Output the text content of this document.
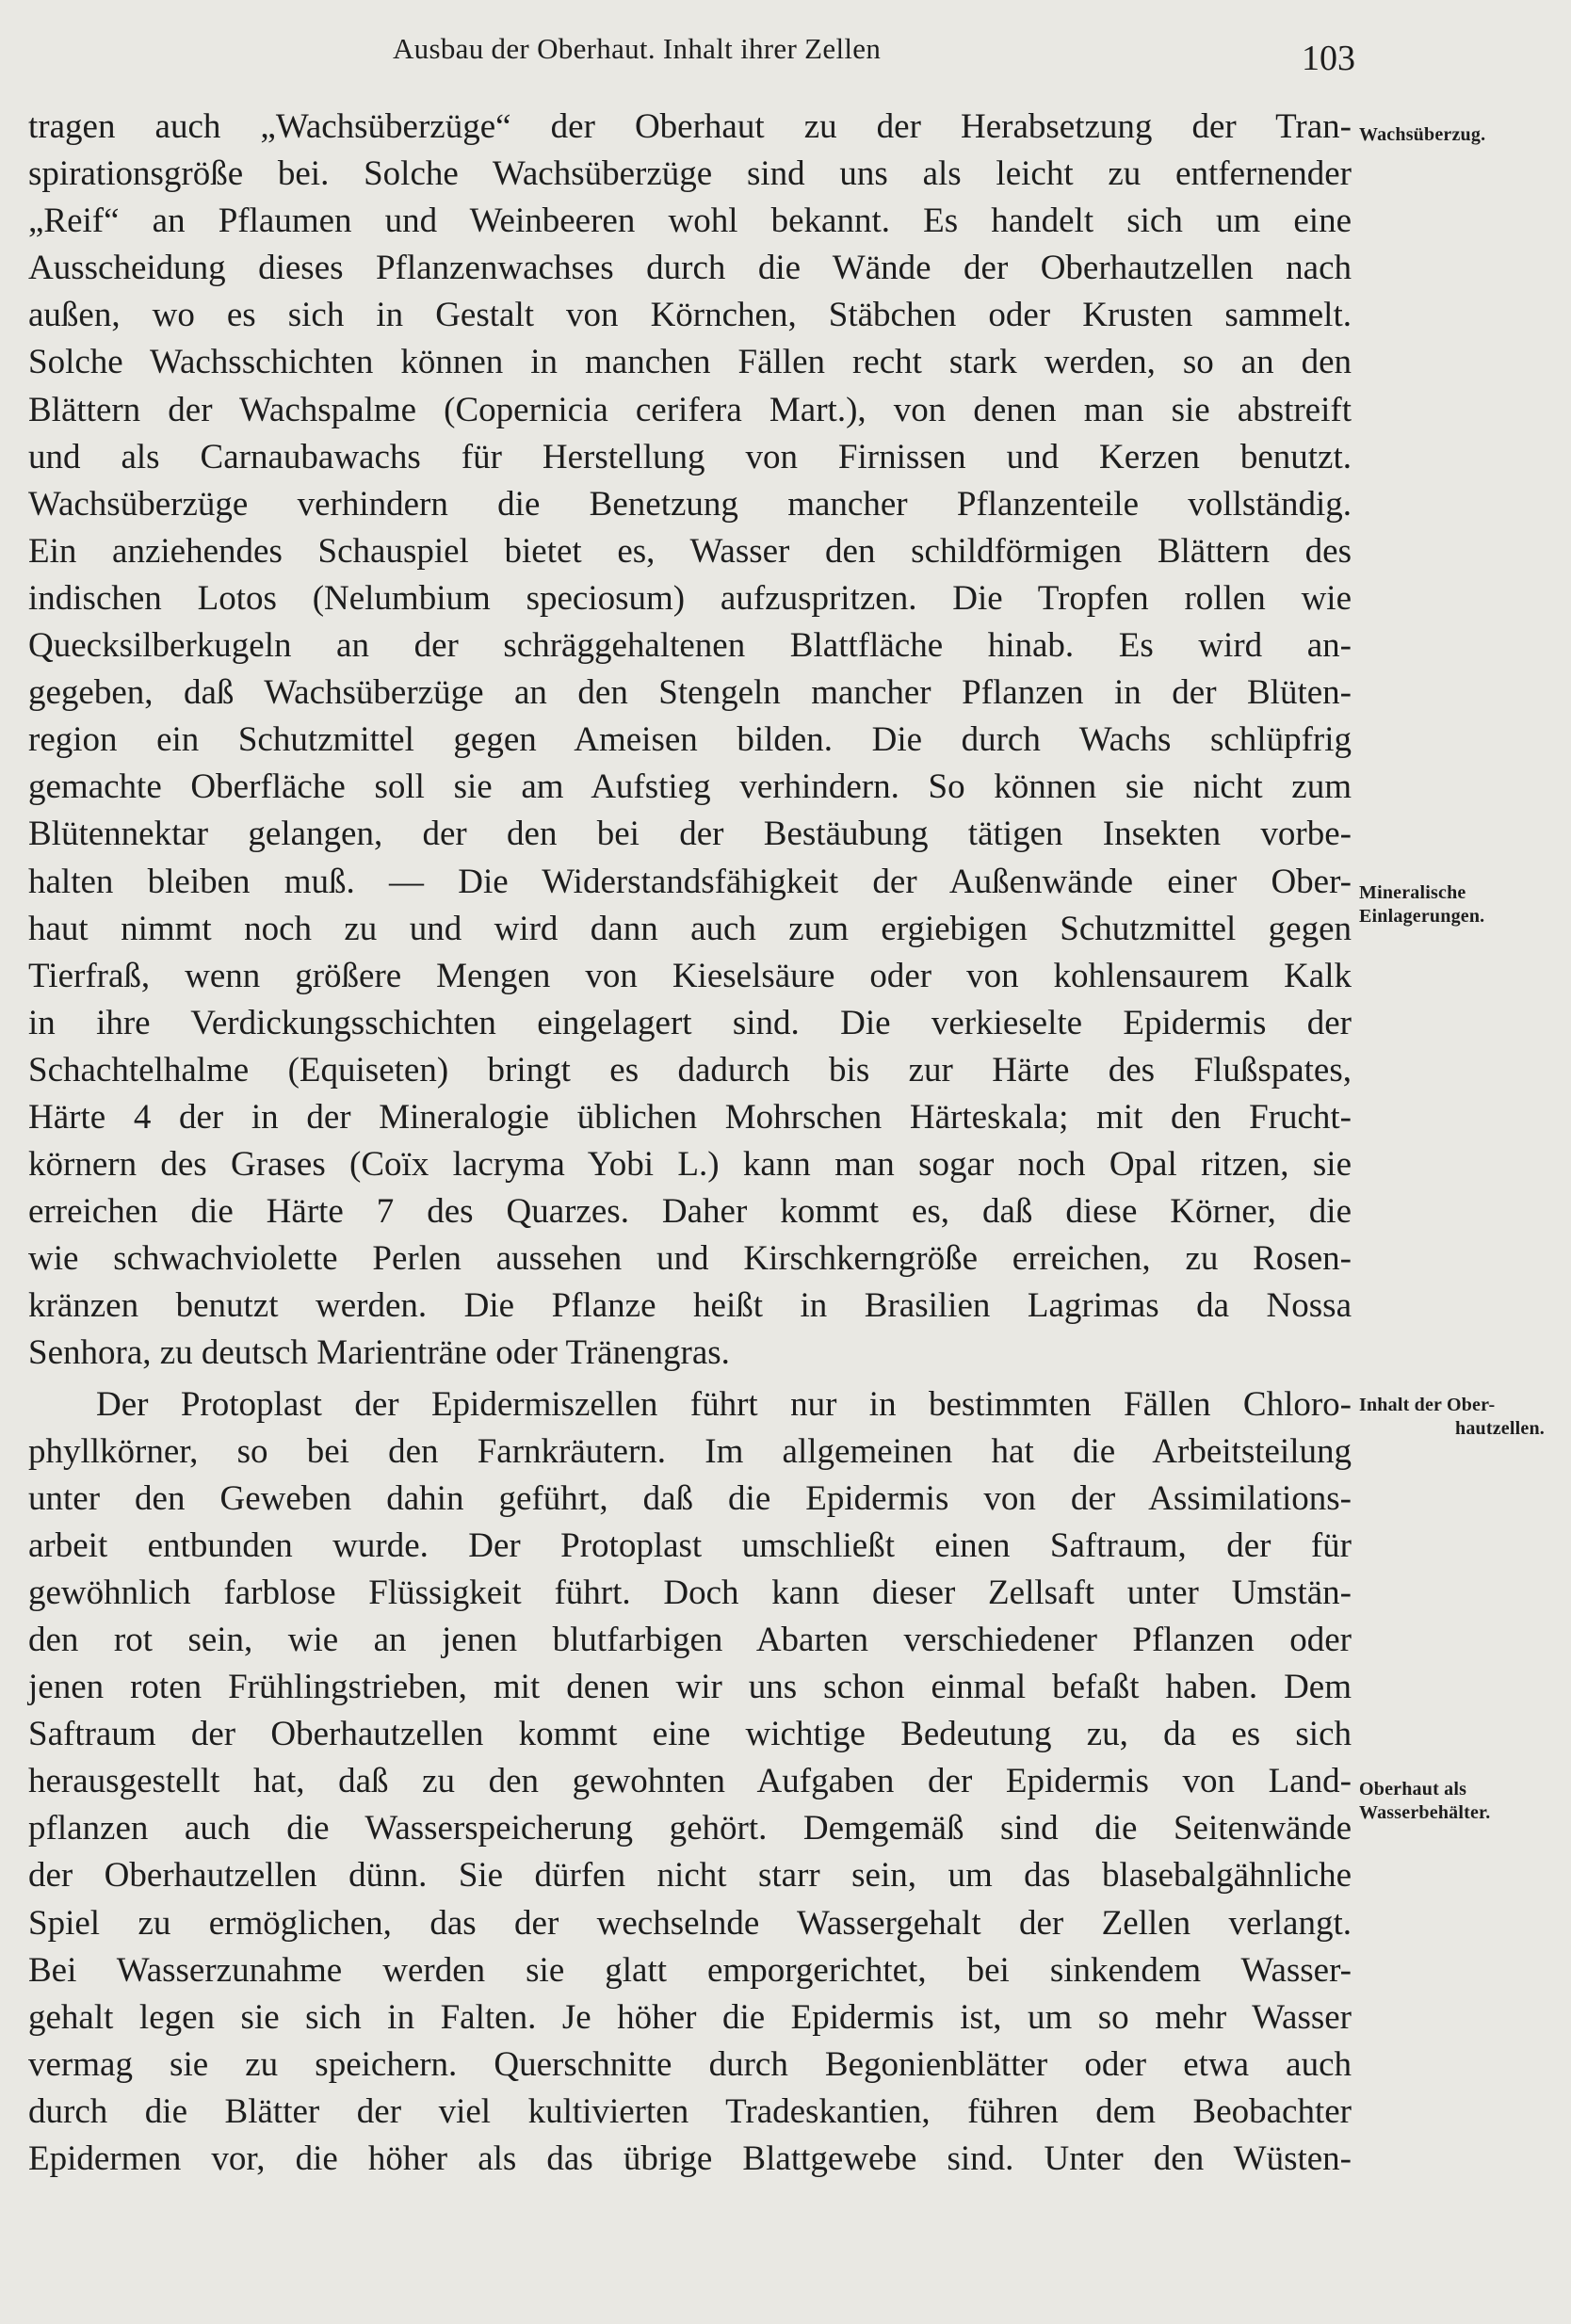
Ausbau der Oberhaut. Inhalt ihrer Zellen	103
tragen auch „Wachsüberzüge“ der Oberhaut zu der Herabsetzung der Tran-
spirationsgröße bei. Solche Wachsüberzüge sind uns als leicht zu entfernender
„Reif“ an Pflaumen und Weinbeeren wohl bekannt. Es handelt sich um eine
Ausscheidung dieses Pflanzenwachses durch die Wände der Oberhautzellen nach
außen, wo es sich in Gestalt von Körnchen, Stäbchen oder Krusten sammelt.
Solche Wachsschichten können in manchen Fällen recht stark werden, so an den
Blättern der Wachspalme (Copernicia cerifera Mart.), von denen man sie abstreift
und als Carnaubawachs für Herstellung von Firnissen und Kerzen benutzt.
Wachsüberzüge verhindern die Benetzung mancher Pflanzenteile vollständig.
Ein anziehendes Schauspiel bietet es, Wasser den schildförmigen Blättern des
indischen Lotos (Nelumbium speciosum) aufzuspritzen. Die Tropfen rollen wie
Quecksilberkugeln an der schräggehaltenen Blattfläche hinab. Es wird an-
gegeben, daß Wachsüberzüge an den Stengeln mancher Pflanzen in der Blüten-
region ein Schutzmittel gegen Ameisen bilden. Die durch Wachs schlüpfrig
gemachte Oberfläche soll sie am Aufstieg verhindern. So können sie nicht zum
Blütennektar gelangen, der den bei der Bestäubung tätigen Insekten vorbe-
halten bleiben muß. — Die Widerstandsfähigkeit der Außenwände einer Ober-
haut nimmt noch zu und wird dann auch zum ergiebigen Schutzmittel gegen
Tierfraß, wenn größere Mengen von Kieselsäure oder von kohlensaurem Kalk
in ihre Verdickungsschichten eingelagert sind. Die verkieselte Epidermis der
Schachtelhalme (Equiseten) bringt es dadurch bis zur Härte des Flußspates,
Härte 4 der in der Mineralogie üblichen Mohrschen Härteskala; mit den Frucht-
körnern des Grases (Coïx lacryma Yobi L.) kann man sogar noch Opal ritzen, sie
erreichen die Härte 7 des Quarzes. Daher kommt es, daß diese Körner, die
wie schwachviolette Perlen aussehen und Kirschkerngröße erreichen, zu Rosen-
kränzen benutzt werden. Die Pflanze heißt in Brasilien Lagrimas da Nossa
Senhora, zu deutsch Marienträne oder Tränengras.
Der Protoplast der Epidermiszellen führt nur in bestimmten Fällen Chloro-
phyllkörner, so bei den Farnkräutern. Im allgemeinen hat die Arbeitsteilung
unter den Geweben dahin geführt, daß die Epidermis von der Assimilations-
arbeit entbunden wurde. Der Protoplast umschließt einen Saftraum, der für
gewöhnlich farblose Flüssigkeit führt. Doch kann dieser Zellsaft unter Umstän-
den rot sein, wie an jenen blutfarbigen Abarten verschiedener Pflanzen oder
jenen roten Frühlingstrieben, mit denen wir uns schon einmal befaßt haben. Dem
Saftraum der Oberhautzellen kommt eine wichtige Bedeutung zu, da es sich
herausgestellt hat, daß zu den gewohnten Aufgaben der Epidermis von Land-
pflanzen auch die Wasserspeicherung gehört. Demgemäß sind die Seitenwände
der Oberhautzellen dünn. Sie dürfen nicht starr sein, um das blasebalgähnliche
Spiel zu ermöglichen, das der wechselnde Wassergehalt der Zellen verlangt.
Bei Wasserzunahme werden sie glatt emporgerichtet, bei sinkendem Wasser-
gehalt legen sie sich in Falten. Je höher die Epidermis ist, um so mehr Wasser
vermag sie zu speichern. Querschnitte durch Begonienblätter oder etwa auch
durch die Blätter der viel kultivierten Tradeskantien, führen dem Beobachter
Epidermen vor, die höher als das übrige Blattgewebe sind. Unter den Wüsten-
Wachsüberzug.
Mineralische
Einlagerungen.
Inhalt der Ober-
hautzellen.
Oberhaut als
Wasserbehälter.
